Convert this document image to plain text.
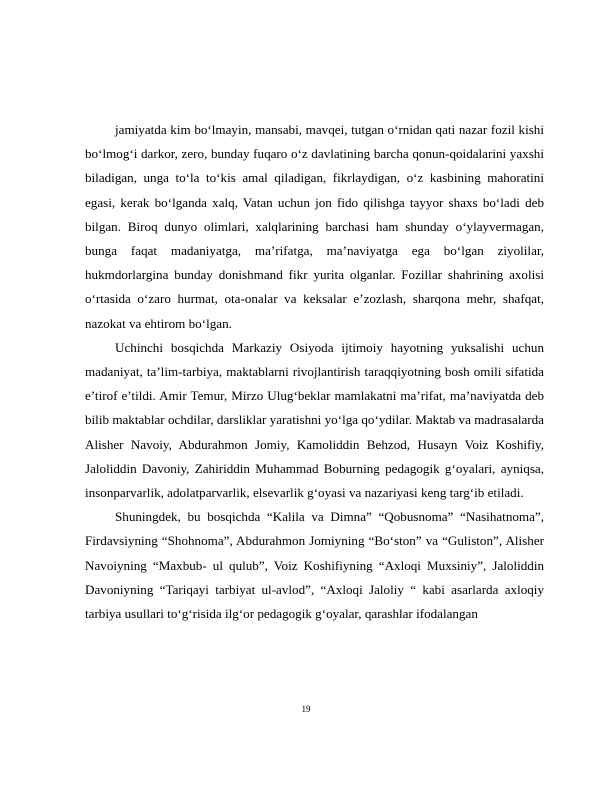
jamiyatda kim bo‘lmayin, mansabi, mavqei, tutgan o‘rnidan qati nazar fozil kishi bo‘lmog‘i darkor, zero, bunday fuqaro o‘z davlatining barcha qonun-qoidalarini yaxshi biladigan, unga to‘la to‘kis amal qiladigan, fikrlaydigan, o‘z kasbining mahoratini egasi, kerak bo‘lganda xalq, Vatan uchun jon fido qilishga tayyor shaxs bo‘ladi deb bilgan. Biroq dunyo olimlari, xalqlarining barchasi ham shunday o‘ylayvermagan, bunga faqat madaniyatga, ma’rifatga, ma’naviyatga ega bo‘lgan ziyolilar, hukmdorlargina bunday donishmand fikr yurita olganlar. Fozillar shahrining axolisi o‘rtasida o‘zaro hurmat, ota-onalar va keksalar e’zozlash, sharqona mehr, shafqat, nazokat va ehtirom bo‘lgan.

Uchinchi bosqichda Markaziy Osiyoda ijtimoiy hayotning yuksalishi uchun madaniyat, ta’lim-tarbiya, maktablarni rivojlantirish taraqqiyotning bosh omili sifatida e’tirof e’tildi. Amir Temur, Mirzo Ulug‘beklar mamlakatni ma’rifat, ma’naviyatda deb bilib maktablar ochdilar, darsliklar yaratishni yo‘lga qo‘ydilar. Maktab va madrasalarda Alisher Navoiy, Abdurahmon Jomiy, Kamoliddin Behzod, Husayn Voiz Koshifiy, Jaloliddin Davoniy, Zahiriddin Muhammad Boburning pedagogik g‘oyalari, ayniqsa, insonparvarlik, adolatparvarlik, elsevarlik g‘oyasi va nazariyasi keng targ‘ib etiladi.

Shuningdek, bu bosqichda “Kalila va Dimna” “Qobusnoma” “Nasihatnoma”, Firdavsiyning “Shohnoma”, Abdurahmon Jomiyning “Bo‘ston” va “Guliston”, Alisher Navoiyning “Maxbub- ul qulub”, Voiz Koshifiyning “Axloqi Muxsiniy”, Jaloliddin Davoniyning “Tariqayi tarbiyat ul-avlod”, “Axloqi Jaloliy “ kabi asarlarda axloqiy tarbiya usullari to‘g‘risida ilg‘or pedagogik g‘oyalar, qarashlar ifodalangan

19
